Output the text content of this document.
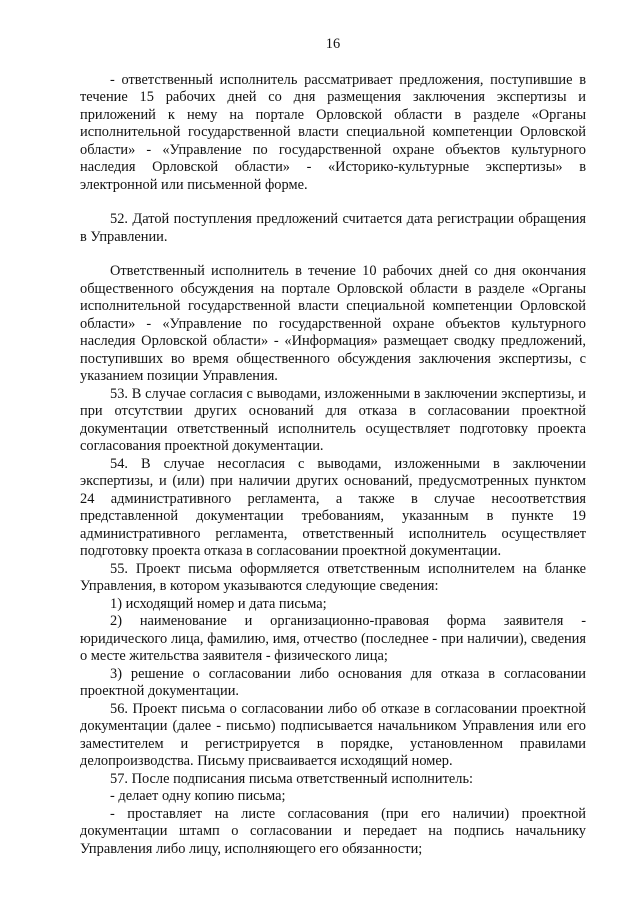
16

- ответственный исполнитель рассматривает предложения, поступившие в течение 15 рабочих дней со дня размещения заключения экспертизы и приложений к нему на портале Орловской области в разделе «Органы исполнительной государственной власти специальной компетенции Орловской области» - «Управление по государственной охране объектов культурного наследия Орловской области» - «Историко-культурные экспертизы» в электронной или письменной форме.

52. Датой поступления предложений считается дата регистрации обращения в Управлении.

Ответственный исполнитель в течение 10 рабочих дней со дня окончания общественного обсуждения на портале Орловской области в разделе «Органы исполнительной государственной власти специальной компетенции Орловской области» - «Управление по государственной охране объектов культурного наследия Орловской области» - «Информация» размещает сводку предложений, поступивших во время общественного обсуждения заключения экспертизы, с указанием позиции Управления.

53. В случае согласия с выводами, изложенными в заключении экспертизы, и при отсутствии других оснований для отказа в согласовании проектной документации ответственный исполнитель осуществляет подготовку проекта согласования проектной документации.

54. В случае несогласия с выводами, изложенными в заключении экспертизы, и (или) при наличии других оснований, предусмотренных пунктом 24 административного регламента, а также в случае несоответствия представленной документации требованиям, указанным в пункте 19 административного регламента, ответственный исполнитель осуществляет подготовку проекта отказа в согласовании проектной документации.

55. Проект письма оформляется ответственным исполнителем на бланке Управления, в котором указываются следующие сведения:

1) исходящий номер и дата письма;

2) наименование и организационно-правовая форма заявителя - юридического лица, фамилию, имя, отчество (последнее - при наличии), сведения о месте жительства заявителя - физического лица;

3) решение о согласовании либо основания для отказа в согласовании проектной документации.

56. Проект письма о согласовании либо об отказе в согласовании проектной документации (далее - письмо) подписывается начальником Управления или его заместителем и регистрируется в порядке, установленном правилами делопроизводства. Письму присваивается исходящий номер.

57. После подписания письма ответственный исполнитель:

- делает одну копию письма;

- проставляет на листе согласования (при его наличии) проектной документации штамп о согласовании и передает на подпись начальнику Управления либо лицу, исполняющего его обязанности;
